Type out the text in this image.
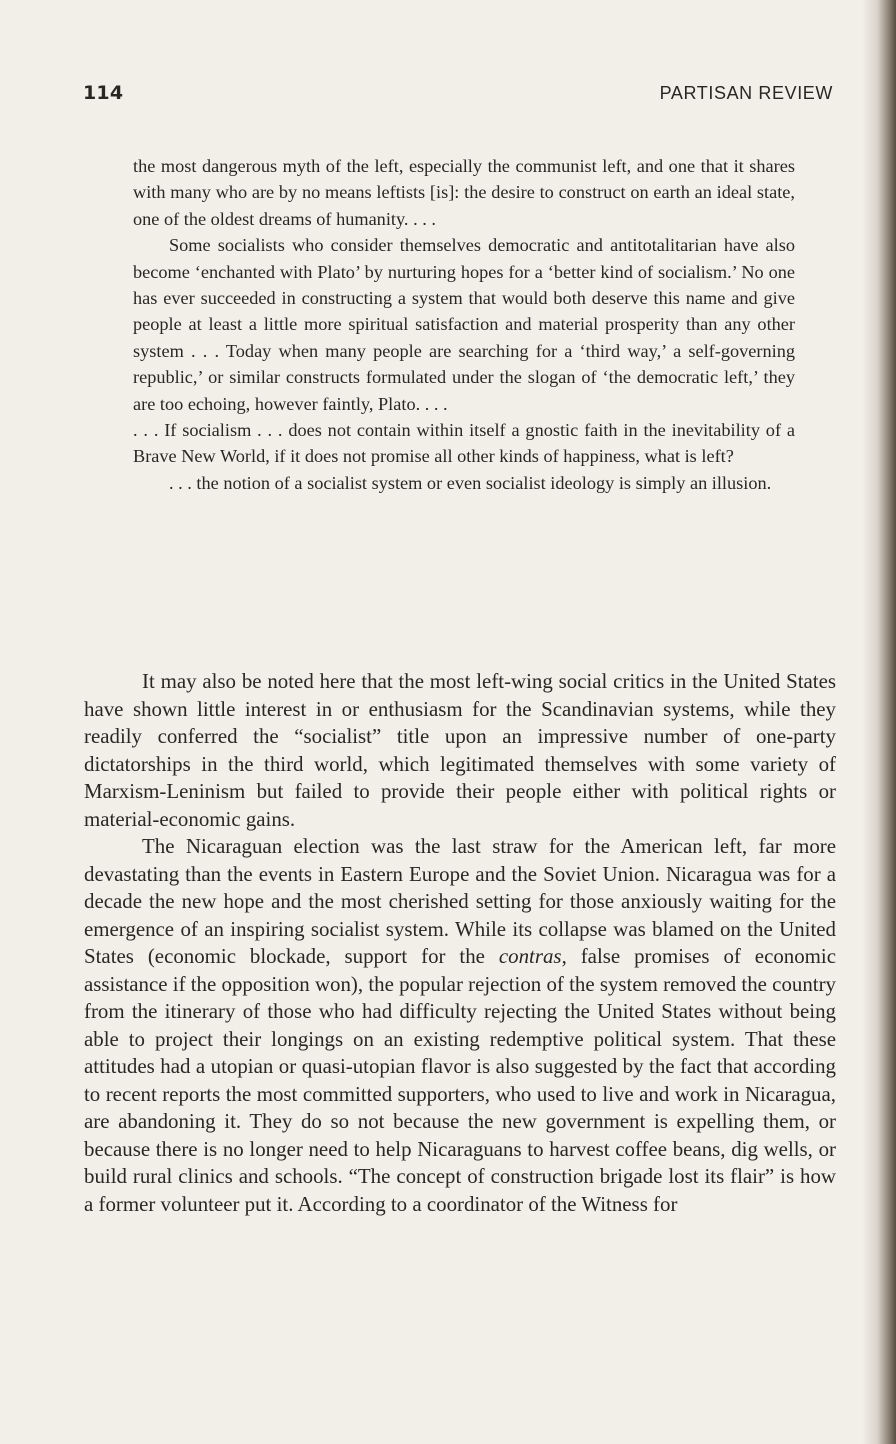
114	PARTISAN REVIEW

the most dangerous myth of the left, especially the communist left, and one that it shares with many who are by no means leftists [is]: the desire to construct on earth an ideal state, one of the oldest dreams of humanity. . . .

Some socialists who consider themselves democratic and antitotalitarian have also become ‘enchanted with Plato’ by nurturing hopes for a ‘better kind of socialism.’ No one has ever succeeded in constructing a system that would both deserve this name and give people at least a little more spiritual satisfaction and material prosperity than any other system . . . Today when many people are searching for a ‘third way,’ a self-governing republic,’ or similar constructs formulated under the slogan of ‘the democratic left,’ they are too echoing, however faintly, Plato. . . .

. . . If socialism . . . does not contain within itself a gnostic faith in the inevitability of a Brave New World, if it does not promise all other kinds of happiness, what is left?

. . . the notion of a socialist system or even socialist ideology is simply an illusion.

It may also be noted here that the most left-wing social critics in the United States have shown little interest in or enthusiasm for the Scandinavian systems, while they readily conferred the “socialist” title upon an impressive number of one-party dictatorships in the third world, which legitimated themselves with some variety of Marxism-Leninism but failed to provide their people either with political rights or material-economic gains.

The Nicaraguan election was the last straw for the American left, far more devastating than the events in Eastern Europe and the Soviet Union. Nicaragua was for a decade the new hope and the most cherished setting for those anxiously waiting for the emergence of an inspiring socialist system. While its collapse was blamed on the United States (economic blockade, support for the contras, false promises of economic assistance if the opposition won), the popular rejection of the system removed the country from the itinerary of those who had difficulty rejecting the United States without being able to project their longings on an existing redemptive political system. That these attitudes had a utopian or quasi-utopian flavor is also suggested by the fact that according to recent reports the most committed supporters, who used to live and work in Nicaragua, are abandoning it. They do so not because the new government is expelling them, or because there is no longer need to help Nicaraguans to harvest coffee beans, dig wells, or build rural clinics and schools. “The concept of construction brigade lost its flair” is how a former volunteer put it. According to a coordinator of the Witness for
